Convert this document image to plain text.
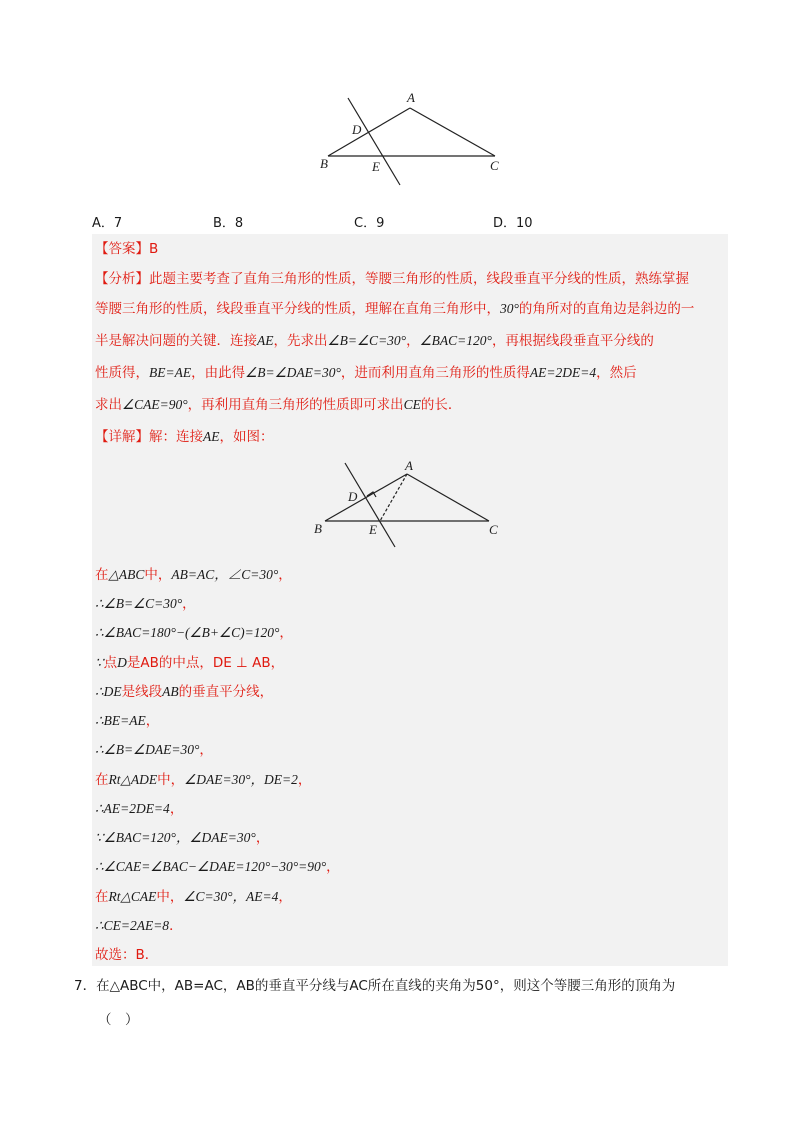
A
B	C
D
E
A．7	B．8	C．9	D．10
【答案】B
【分析】此题主要考查了直角三角形的性质，等腰三角形的性质，线段垂直平分线的性质，熟练掌握
等腰三角形的性质，线段垂直平分线的性质，理解在直角三角形中，30°的角所对的直角边是斜边的一
半是解决问题的关键．连接AE，先求出∠B=∠C=30°，∠BAC=120°，再根据线段垂直平分线的
性质得，BE=AE，由此得∠B=∠DAE=30°，进而利用直角三角形的性质得AE=2DE=4，然后
求出∠CAE=90°，再利用直角三角形的性质即可求出CE的长．
【详解】解：连接AE，如图：
A
B	C
D
E
在△ABC中，AB=AC，∠C=30°，
∴∠B=∠C=30°，
∴∠BAC=180°−(∠B+∠C)=120°，
∵点D是AB的中点，DE ⊥ AB，
∴DE是线段AB的垂直平分线，
∴BE=AE，
∴∠B=∠DAE=30°，
在Rt△ADE中，∠DAE=30°，DE=2，
∴AE=2DE=4，
∵∠BAC=120°，∠DAE=30°，
∴∠CAE=∠BAC−∠DAE=120°−30°=90°，
在Rt△CAE中，∠C=30°，AE=4，
∴CE=2AE=8．
故选：B．
7．在△ABC中，AB=AC，AB的垂直平分线与AC所在直线的夹角为50°，则这个等腰三角形的顶角为
（　）
